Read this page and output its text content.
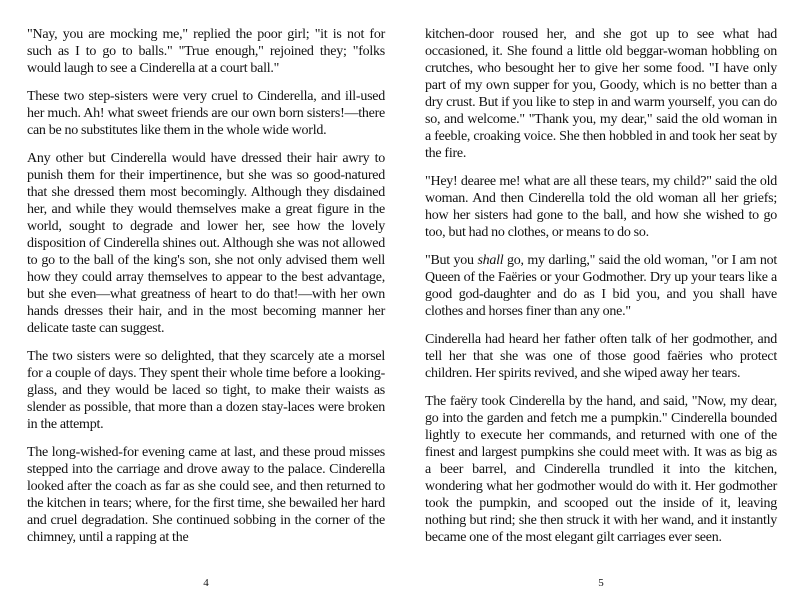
"Nay, you are mocking me," replied the poor girl; "it is not for such as I to go to balls." "True enough," rejoined they; "folks would laugh to see a Cinderella at a court ball."

These two step-sisters were very cruel to Cinderella, and ill-used her much. Ah! what sweet friends are our own born sisters!—there can be no substitutes like them in the whole wide world.

Any other but Cinderella would have dressed their hair awry to punish them for their impertinence, but she was so good-natured that she dressed them most becomingly. Although they disdained her, and while they would themselves make a great figure in the world, sought to degrade and lower her, see how the lovely disposition of Cinderella shines out. Although she was not allowed to go to the ball of the king's son, she not only advised them well how they could array themselves to appear to the best advantage, but she even—what greatness of heart to do that!—with her own hands dresses their hair, and in the most becoming manner her delicate taste can suggest.

The two sisters were so delighted, that they scarcely ate a morsel for a couple of days. They spent their whole time before a looking-glass, and they would be laced so tight, to make their waists as slender as possible, that more than a dozen stay-laces were broken in the attempt.

The long-wished-for evening came at last, and these proud misses stepped into the carriage and drove away to the palace. Cinderella looked after the coach as far as she could see, and then returned to the kitchen in tears; where, for the first time, she bewailed her hard and cruel degradation. She continued sobbing in the corner of the chimney, until a rapping at the

4

kitchen-door roused her, and she got up to see what had occasioned, it. She found a little old beggar-woman hobbling on crutches, who besought her to give her some food. "I have only part of my own supper for you, Goody, which is no better than a dry crust. But if you like to step in and warm yourself, you can do so, and welcome." "Thank you, my dear," said the old woman in a feeble, croaking voice. She then hobbled in and took her seat by the fire.

"Hey! dearee me! what are all these tears, my child?" said the old woman. And then Cinderella told the old woman all her griefs; how her sisters had gone to the ball, and how she wished to go too, but had no clothes, or means to do so.

"But you shall go, my darling," said the old woman, "or I am not Queen of the Faëries or your Godmother. Dry up your tears like a good god-daughter and do as I bid you, and you shall have clothes and horses finer than any one."

Cinderella had heard her father often talk of her godmother, and tell her that she was one of those good faëries who protect children. Her spirits revived, and she wiped away her tears.

The faëry took Cinderella by the hand, and said, "Now, my dear, go into the garden and fetch me a pumpkin." Cinderella bounded lightly to execute her commands, and returned with one of the finest and largest pumpkins she could meet with. It was as big as a beer barrel, and Cinderella trundled it into the kitchen, wondering what her godmother would do with it. Her godmother took the pumpkin, and scooped out the inside of it, leaving nothing but rind; she then struck it with her wand, and it instantly became one of the most elegant gilt carriages ever seen.

5
